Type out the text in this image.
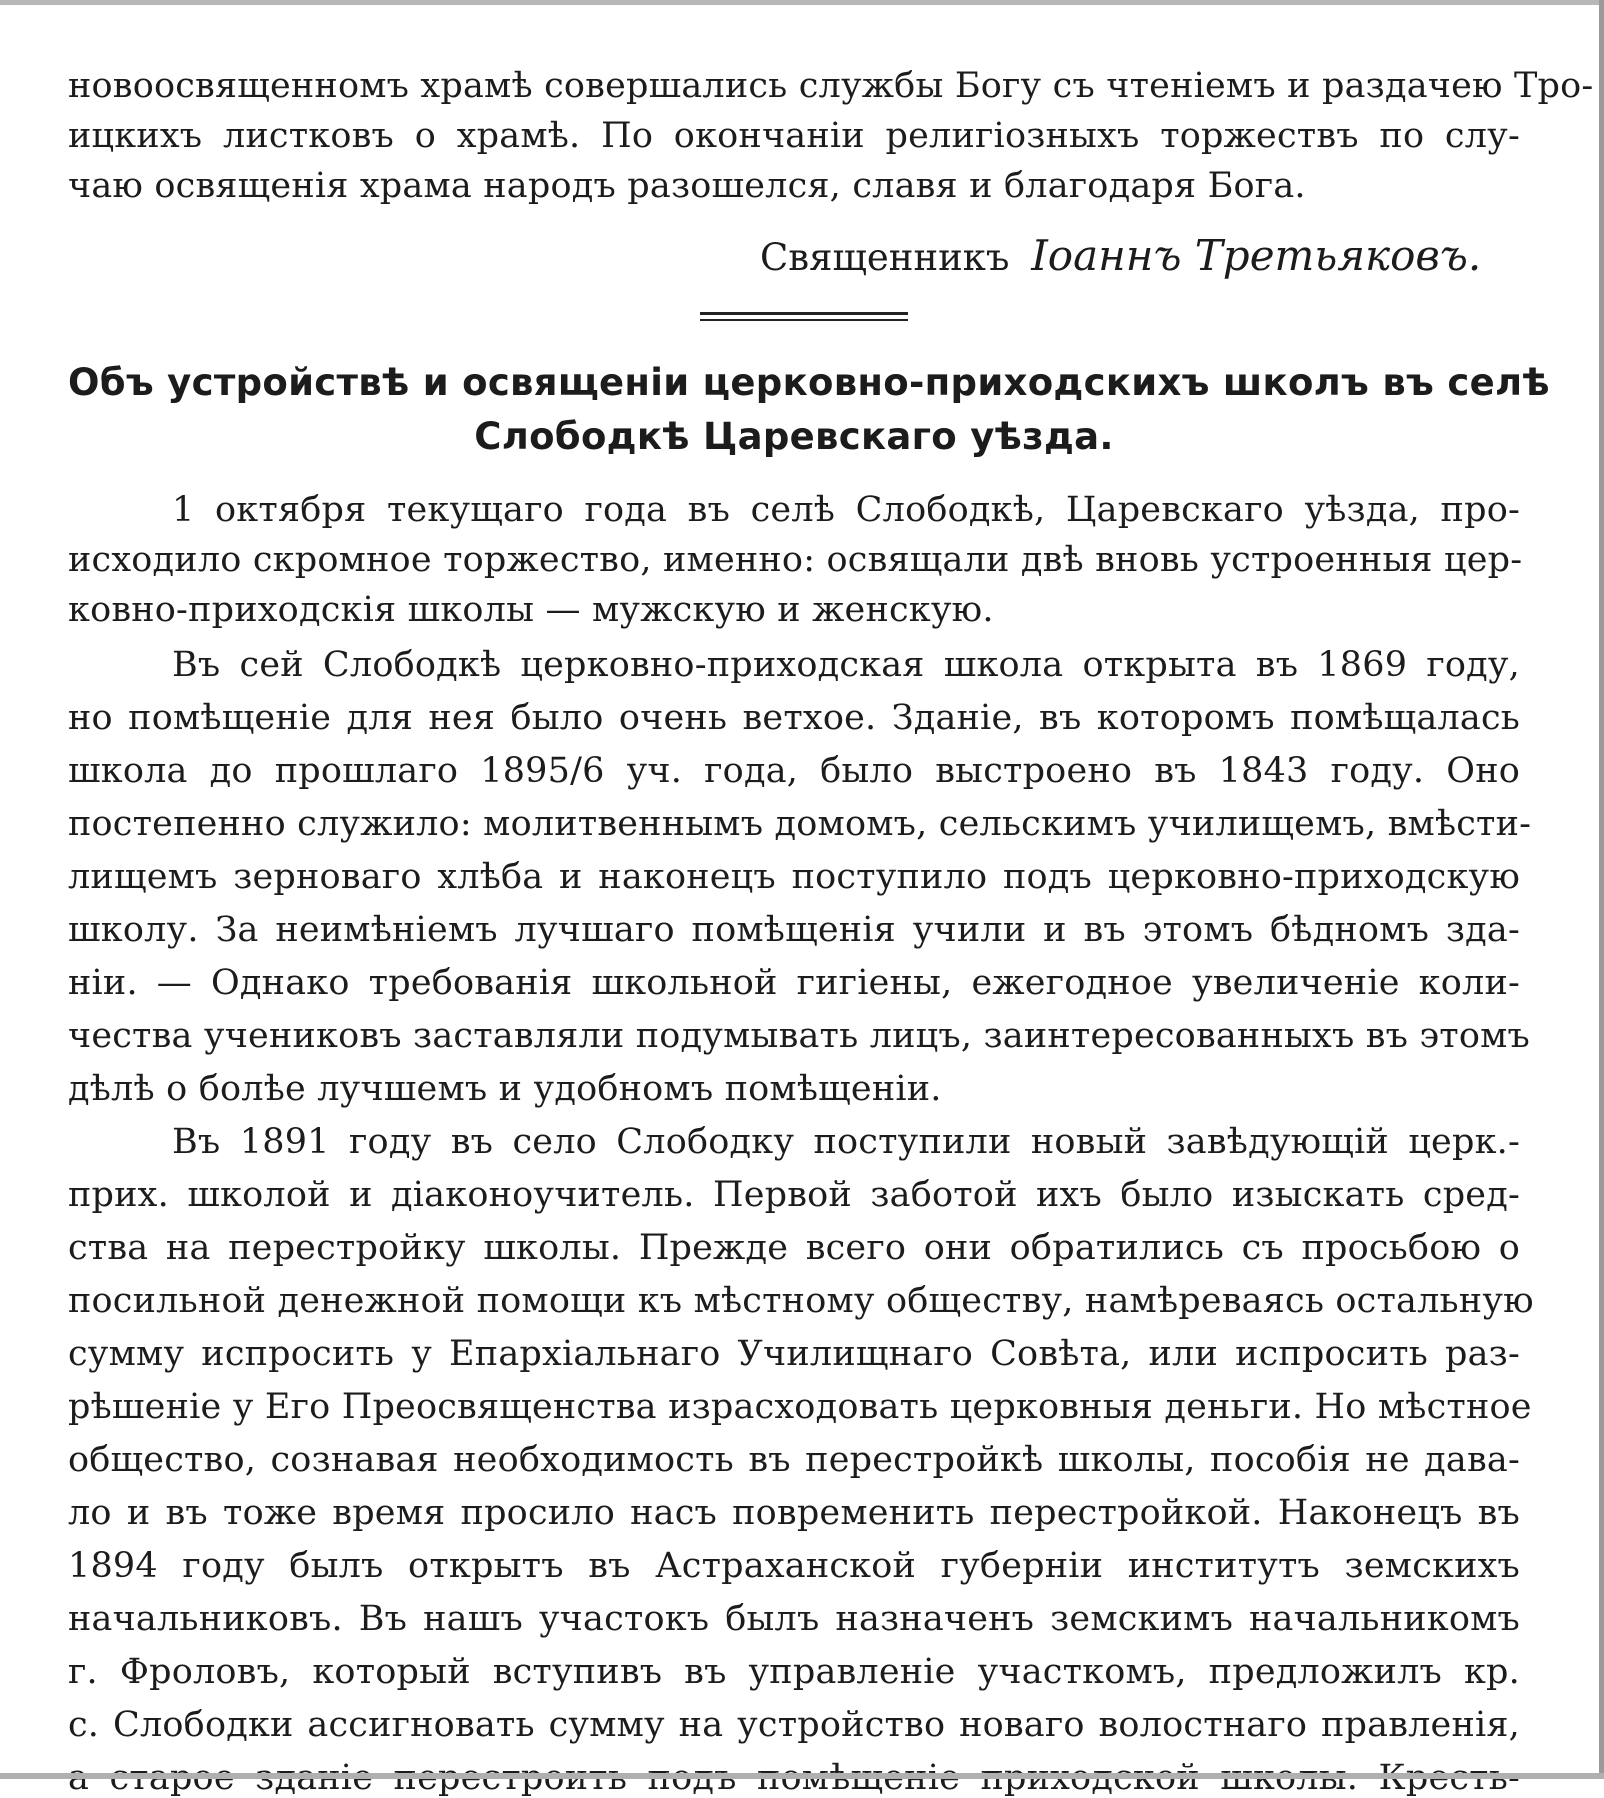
новоосвященномъ храмѣ совершались службы Богу съ чтеніемъ и раздачею Тро-
ицкихъ листковъ о храмѣ. По окончаніи религіозныхъ торжествъ по слу-
чаю освященія храма народъ разошелся, славя и благодаря Бога.
Священникъ Іоаннъ Третьяковъ.
Объ устройствѣ и освященіи церковно-приходскихъ школъ въ селѣ
Слободкѣ Царевскаго уѣзда.
1 октября текущаго года въ селѣ Слободкѣ, Царевскаго уѣзда, про-
исходило скромное торжество, именно: освящали двѣ вновь устроенныя цер-
ковно-приходскія школы — мужскую и женскую.
Въ сей Слободкѣ церковно-приходская школа открыта въ 1869 году,
но помѣщеніе для нея было очень ветхое. Зданіе, въ которомъ помѣщалась
школа до прошлаго 1895/6 уч. года, было выстроено въ 1843 году. Оно
постепенно служило: молитвеннымъ домомъ, сельскимъ училищемъ, вмѣсти-
лищемъ зерноваго хлѣба и наконецъ поступило подъ церковно-приходскую
школу. За неимѣніемъ лучшаго помѣщенія учили и въ этомъ бѣдномъ зда-
ніи. — Однако требованія школьной гигіены, ежегодное увеличеніе коли-
чества учениковъ заставляли подумывать лицъ, заинтересованныхъ въ этомъ
дѣлѣ о болѣе лучшемъ и удобномъ помѣщеніи.
Въ 1891 году въ село Слободку поступили новый завѣдующій церк.-
прих. школой и діаконоучитель. Первой заботой ихъ было изыскать сред-
ства на перестройку школы. Прежде всего они обратились съ просьбою о
посильной денежной помощи къ мѣстному обществу, намѣреваясь остальную
сумму испросить у Епархіальнаго Училищнаго Совѣта, или испросить раз-
рѣшеніе у Его Преосвященства израсходовать церковныя деньги. Но мѣстное
общество, сознавая необходимость въ перестройкѣ школы, пособія не дава-
ло и въ тоже время просило насъ повременить перестройкой. Наконецъ въ
1894 году былъ открытъ въ Астраханской губерніи институтъ земскихъ
начальниковъ. Въ нашъ участокъ былъ назначенъ земскимъ начальникомъ
г. Фроловъ, который вступивъ въ управленіе участкомъ, предложилъ кр.
с. Слободки ассигновать сумму на устройство новаго волостнаго правленія,
